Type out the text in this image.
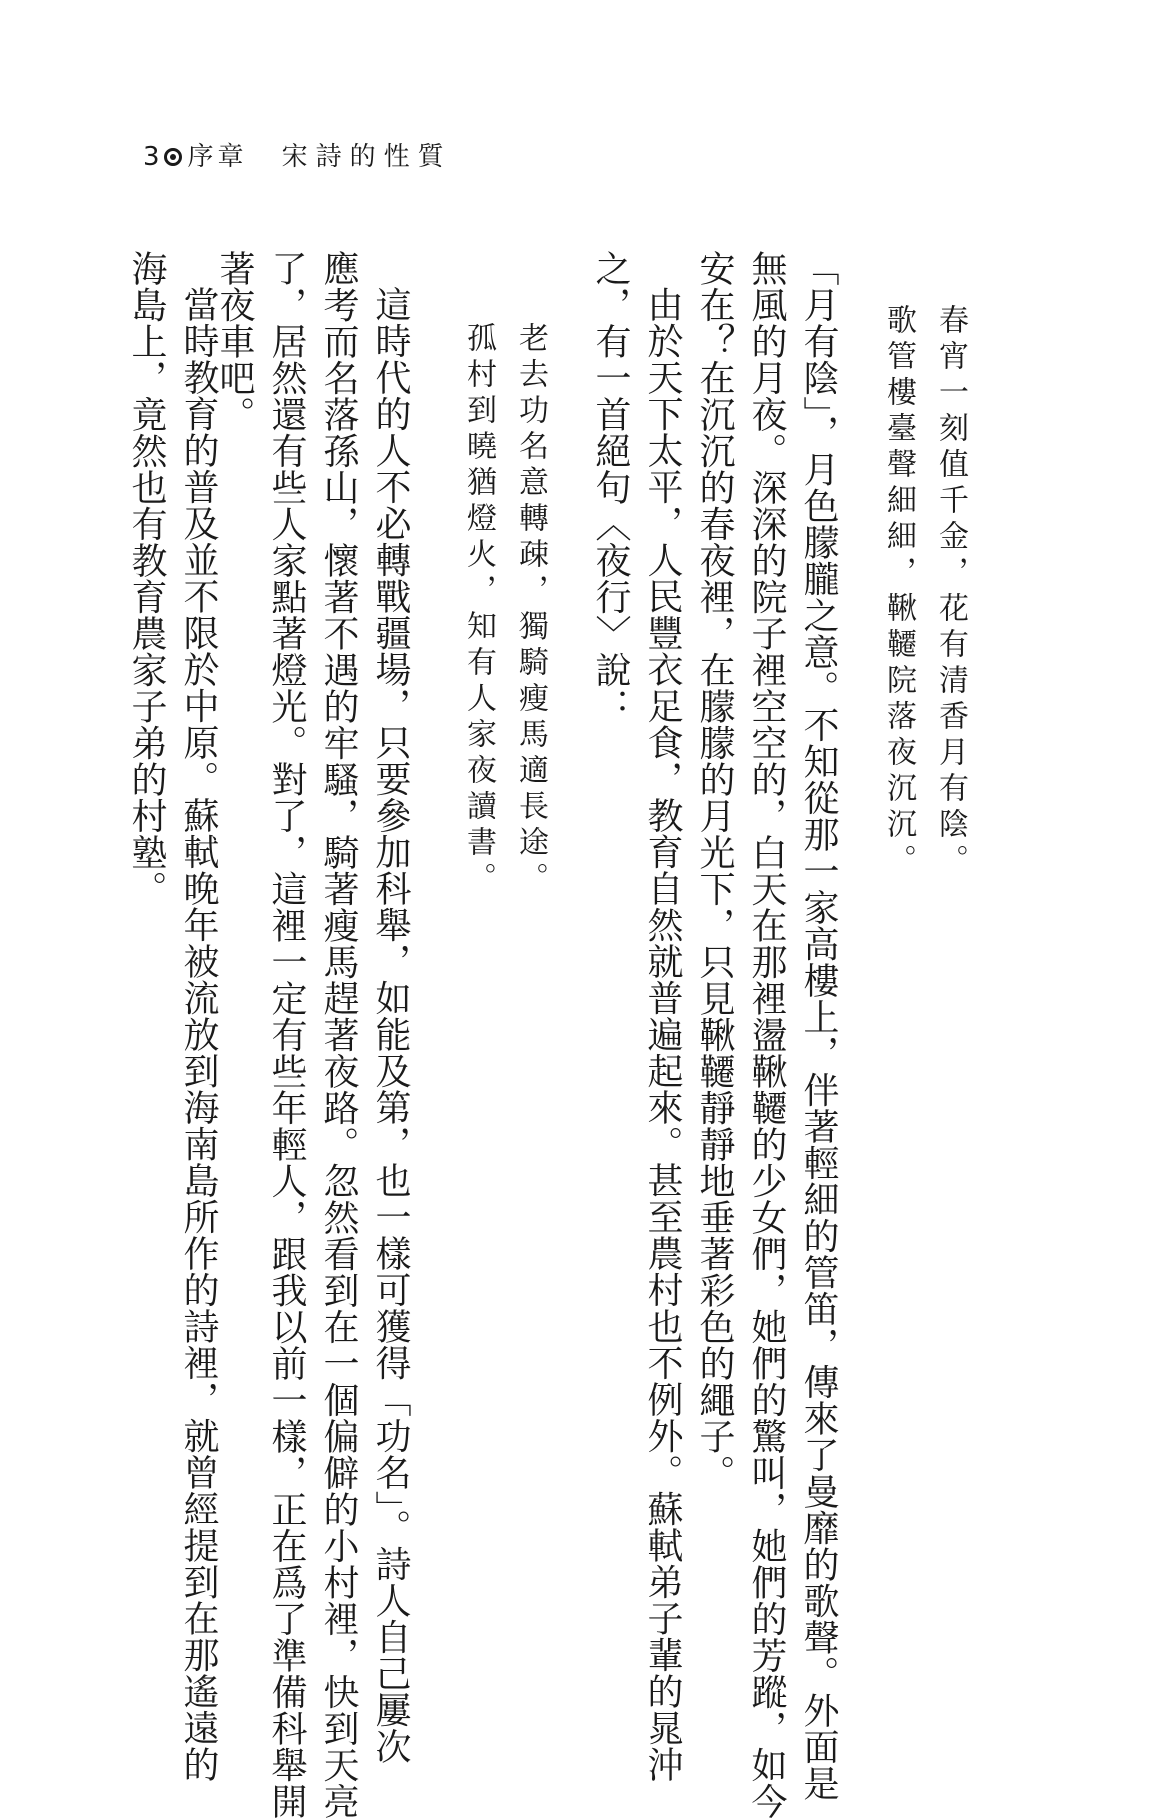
3 序章 宋詩的性質
春宵一刻值千金，花有清香月有陰。
歌管樓臺聲細細，鞦韆院落夜沉沉。
「月有陰」，月色朦朧之意。不知從那一家高樓上，伴著輕細的管笛，傳來了曼靡的歌聲。外面是
無風的月夜。深深的院子裡空空的，白天在那裡盪鞦韆的少女們，她們的驚叫，她們的芳蹤，如今
安在？在沉沉的春夜裡，在朦朦的月光下，只見鞦韆靜靜地垂著彩色的繩子。
由於天下太平，人民豐衣足食，教育自然就普遍起來。甚至農村也不例外。蘇軾弟子輩的晁沖
之，有一首絕句〈夜行〉說：
老去功名意轉疎，獨騎瘦馬適長途。
孤村到曉猶燈火，知有人家夜讀書。
這時代的人不必轉戰疆場，只要參加科舉，如能及第，也一樣可獲得「功名」。詩人自己屢次
應考而名落孫山，懷著不遇的牢騷，騎著瘦馬趕著夜路。忽然看到在一個偏僻的小村裡，快到天亮
了，居然還有些人家點著燈光。對了，這裡一定有些年輕人，跟我以前一樣，正在爲了準備科舉開
著夜車吧。
當時教育的普及並不限於中原。蘇軾晚年被流放到海南島所作的詩裡，就曾經提到在那遙遠的
海島上，竟然也有教育農家子弟的村塾。
